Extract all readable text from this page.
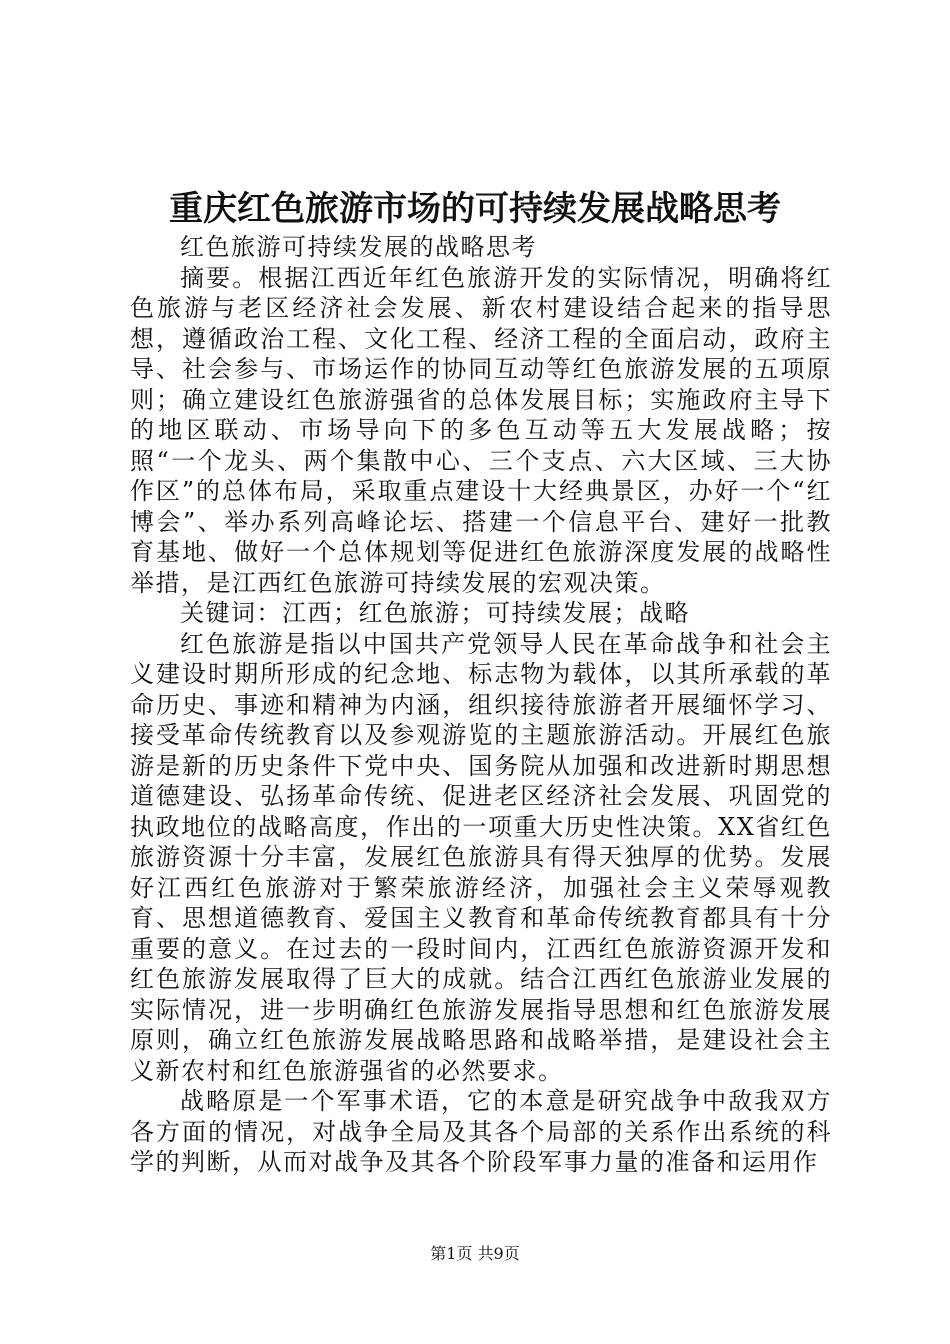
重庆红色旅游市场的可持续发展战略思考

红色旅游可持续发展的战略思考

摘要。根据江西近年红色旅游开发的实际情况，明确将红色旅游与老区经济社会发展、新农村建设结合起来的指导思想，遵循政治工程、文化工程、经济工程的全面启动，政府主导、社会参与、市场运作的协同互动等红色旅游发展的五项原则；确立建设红色旅游强省的总体发展目标；实施政府主导下的地区联动、市场导向下的多色互动等五大发展战略；按照“一个龙头、两个集散中心、三个支点、六大区域、三大协作区”的总体布局，采取重点建设十大经典景区，办好一个“红博会”、举办系列高峰论坛、搭建一个信息平台、建好一批教育基地、做好一个总体规划等促进红色旅游深度发展的战略性举措，是江西红色旅游可持续发展的宏观决策。

关键词：江西；红色旅游；可持续发展；战略

红色旅游是指以中国共产党领导人民在革命战争和社会主义建设时期所形成的纪念地、标志物为载体，以其所承载的革命历史、事迹和精神为内涵，组织接待旅游者开展缅怀学习、接受革命传统教育以及参观游览的主题旅游活动。开展红色旅游是新的历史条件下党中央、国务院从加强和改进新时期思想道德建设、弘扬革命传统、促进老区经济社会发展、巩固党的执政地位的战略高度，作出的一项重大历史性决策。XX省红色旅游资源十分丰富，发展红色旅游具有得天独厚的优势。发展好江西红色旅游对于繁荣旅游经济，加强社会主义荣辱观教育、思想道德教育、爱国主义教育和革命传统教育都具有十分重要的意义。在过去的一段时间内，江西红色旅游资源开发和红色旅游发展取得了巨大的成就。结合江西红色旅游业发展的实际情况，进一步明确红色旅游发展指导思想和红色旅游发展原则，确立红色旅游发展战略思路和战略举措，是建设社会主义新农村和红色旅游强省的必然要求。

战略原是一个军事术语，它的本意是研究战争中敌我双方各方面的情况，对战争全局及其各个局部的关系作出系统的科学的判断，从而对战争及其各个阶段军事力量的准备和运用作

第1页 共9页
